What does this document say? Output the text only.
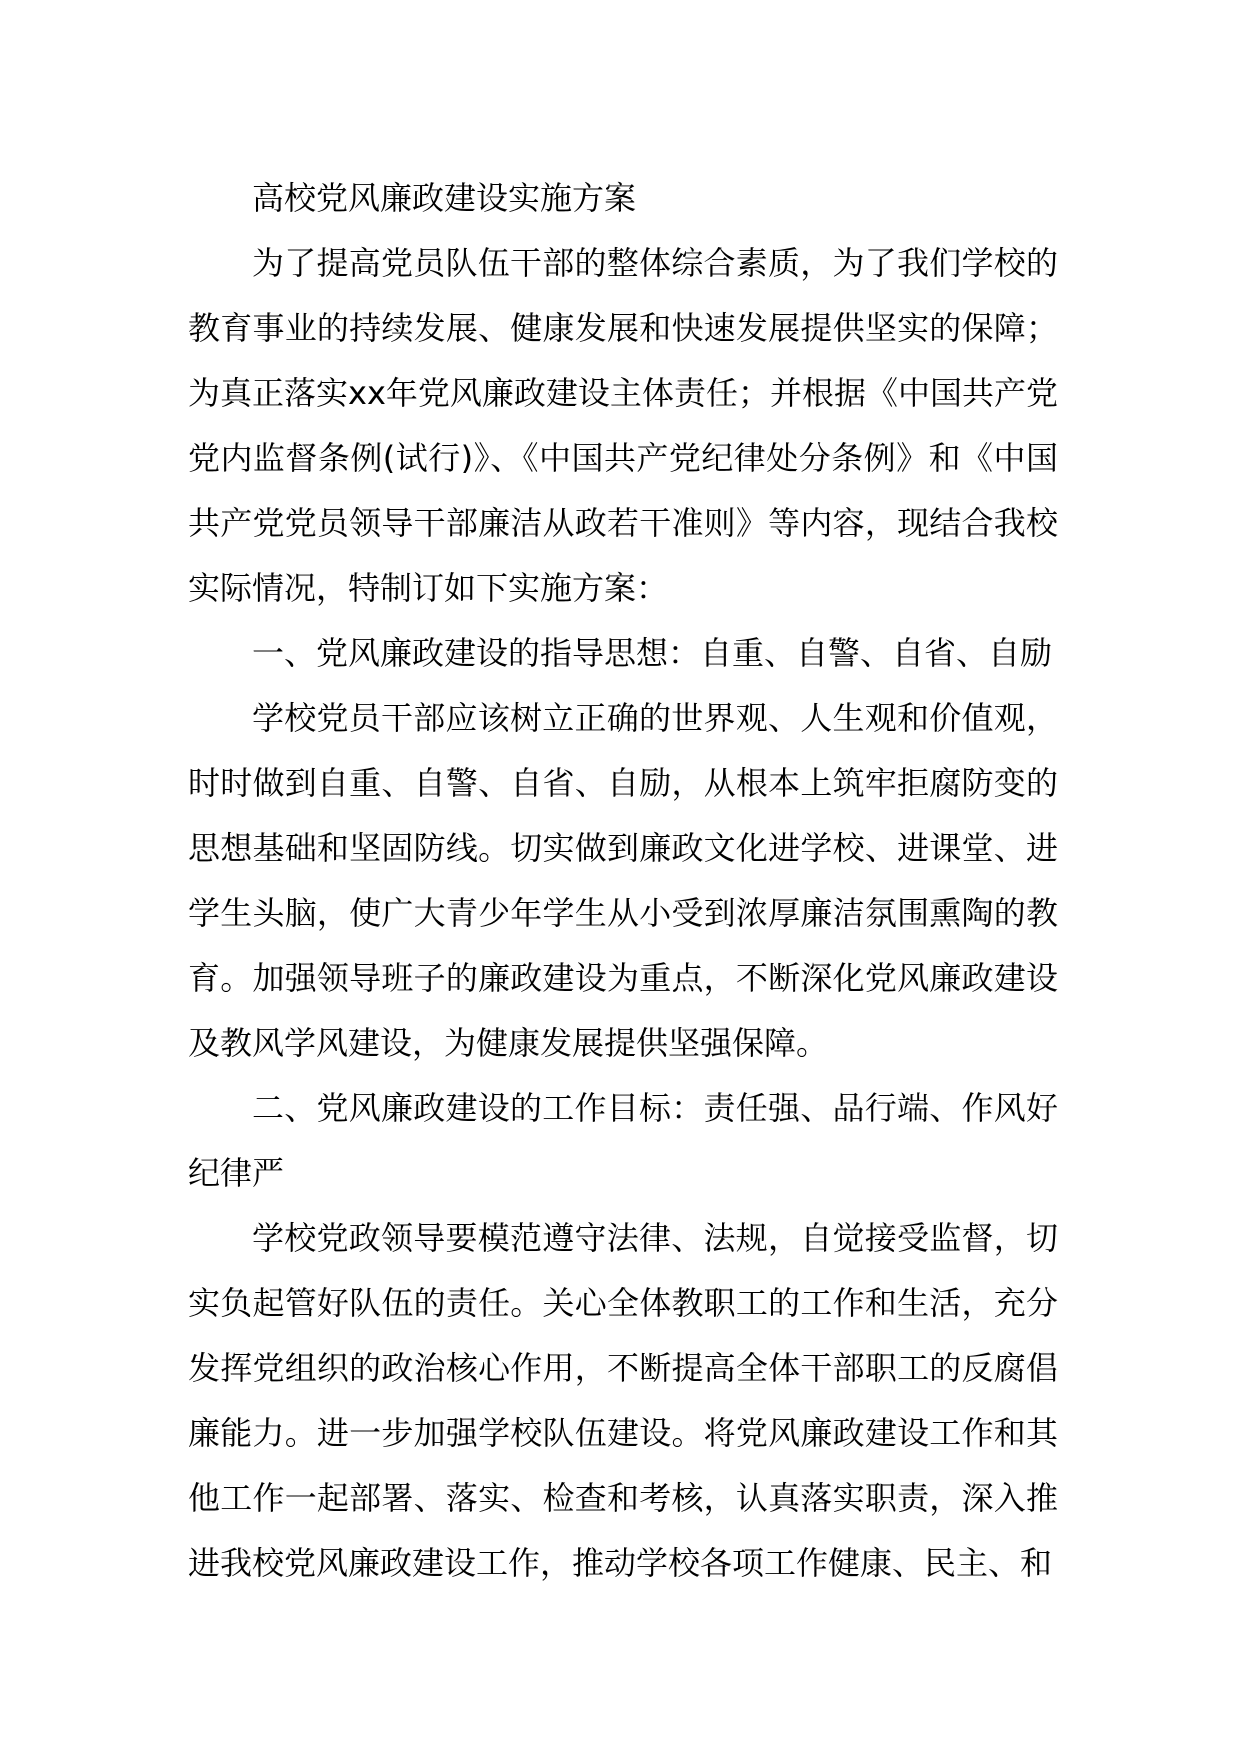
高校党风廉政建设实施方案

为了提高党员队伍干部的整体综合素质，为了我们学校的教育事业的持续发展、健康发展和快速发展提供坚实的保障；为真正落实xx年党风廉政建设主体责任；并根据《中国共产党党内监督条例(试行)》、《中国共产党纪律处分条例》和《中国共产党党员领导干部廉洁从政若干准则》等内容，现结合我校实际情况，特制订如下实施方案：

一、党风廉政建设的指导思想：自重、自警、自省、自励

学校党员干部应该树立正确的世界观、人生观和价值观，时时做到自重、自警、自省、自励，从根本上筑牢拒腐防变的思想基础和坚固防线。切实做到廉政文化进学校、进课堂、进学生头脑，使广大青少年学生从小受到浓厚廉洁氛围熏陶的教育。加强领导班子的廉政建设为重点，不断深化党风廉政建设及教风学风建设，为健康发展提供坚强保障。

二、党风廉政建设的工作目标：责任强、品行端、作风好纪律严

学校党政领导要模范遵守法律、法规，自觉接受监督，切实负起管好队伍的责任。关心全体教职工的工作和生活，充分发挥党组织的政治核心作用，不断提高全体干部职工的反腐倡廉能力。进一步加强学校队伍建设。将党风廉政建设工作和其他工作一起部署、落实、检查和考核，认真落实职责，深入推进我校党风廉政建设工作，推动学校各项工作健康、民主、和
